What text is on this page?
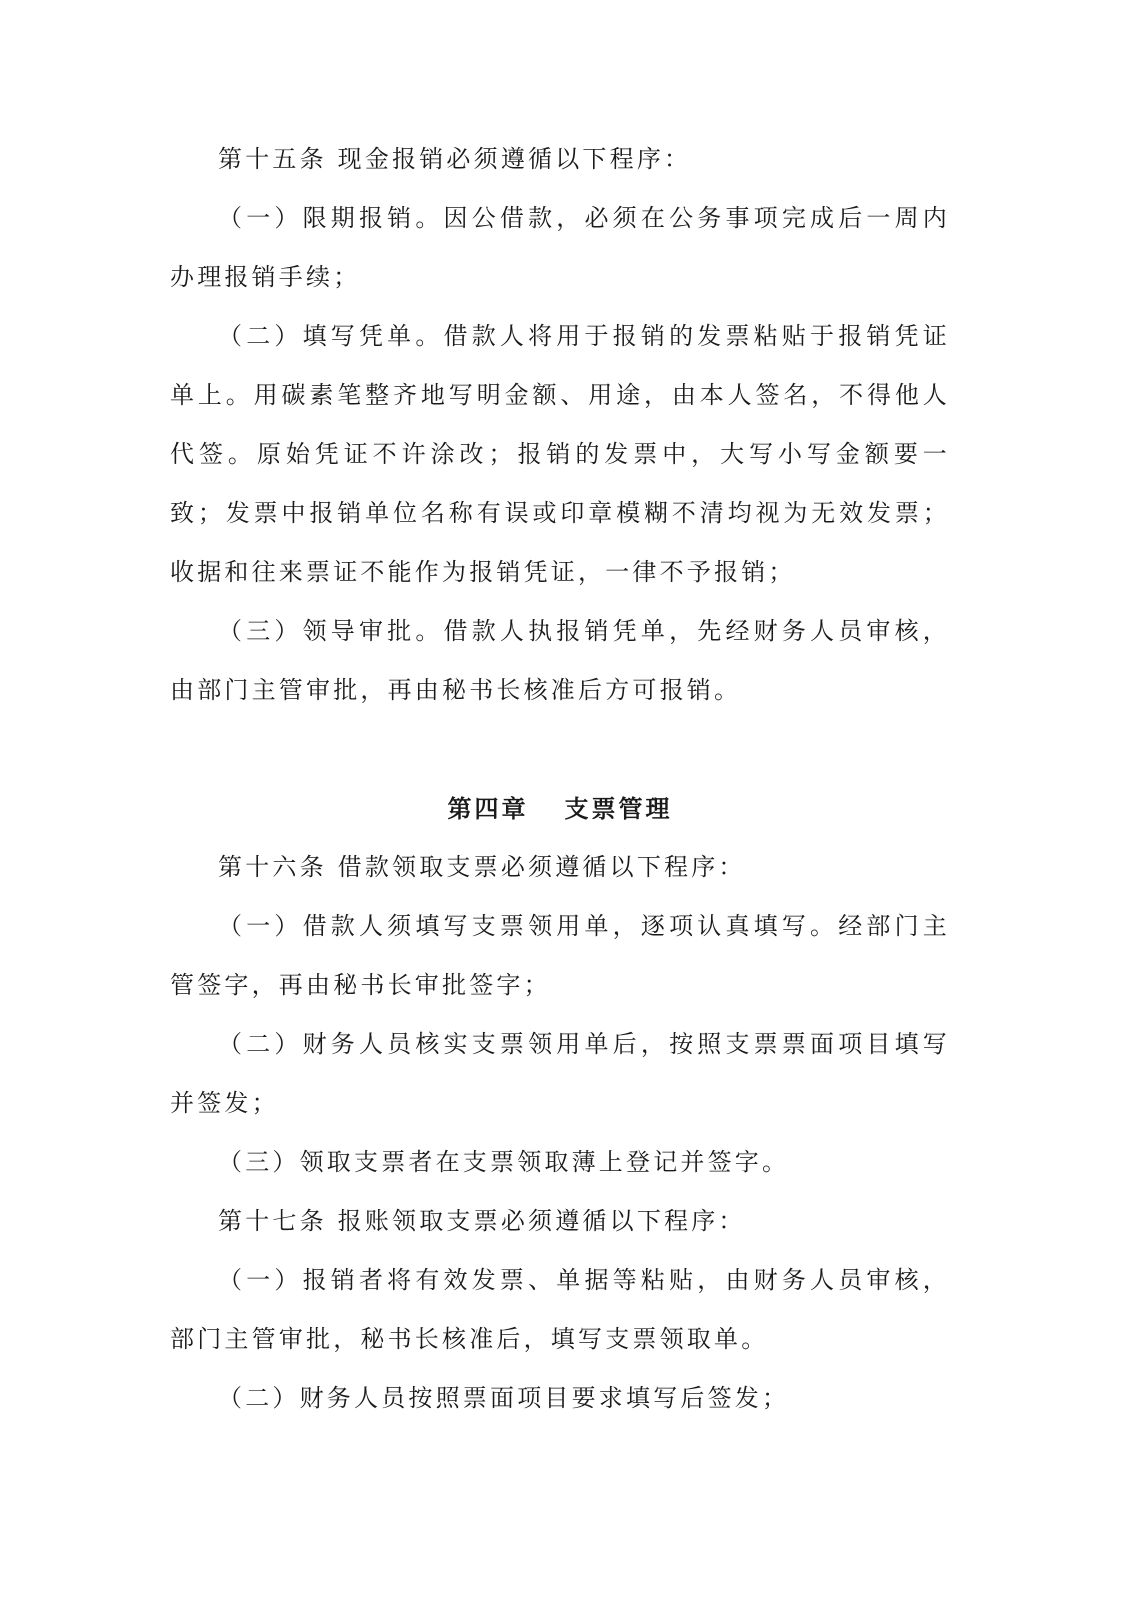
第十五条 现金报销必须遵循以下程序：

（一）限期报销。因公借款，必须在公务事项完成后一周内办理报销手续；

（二）填写凭单。借款人将用于报销的发票粘贴于报销凭证单上。用碳素笔整齐地写明金额、用途，由本人签名，不得他人代签。原始凭证不许涂改；报销的发票中，大写小写金额要一致；发票中报销单位名称有误或印章模糊不清均视为无效发票；收据和往来票证不能作为报销凭证，一律不予报销；

（三）领导审批。借款人执报销凭单，先经财务人员审核，由部门主管审批，再由秘书长核准后方可报销。

第四章 支票管理

第十六条 借款领取支票必须遵循以下程序：

（一）借款人须填写支票领用单，逐项认真填写。经部门主管签字，再由秘书长审批签字；

（二）财务人员核实支票领用单后，按照支票票面项目填写并签发；

（三）领取支票者在支票领取薄上登记并签字。

第十七条 报账领取支票必须遵循以下程序：

（一）报销者将有效发票、单据等粘贴，由财务人员审核，部门主管审批，秘书长核准后，填写支票领取单。

（二）财务人员按照票面项目要求填写后签发；
